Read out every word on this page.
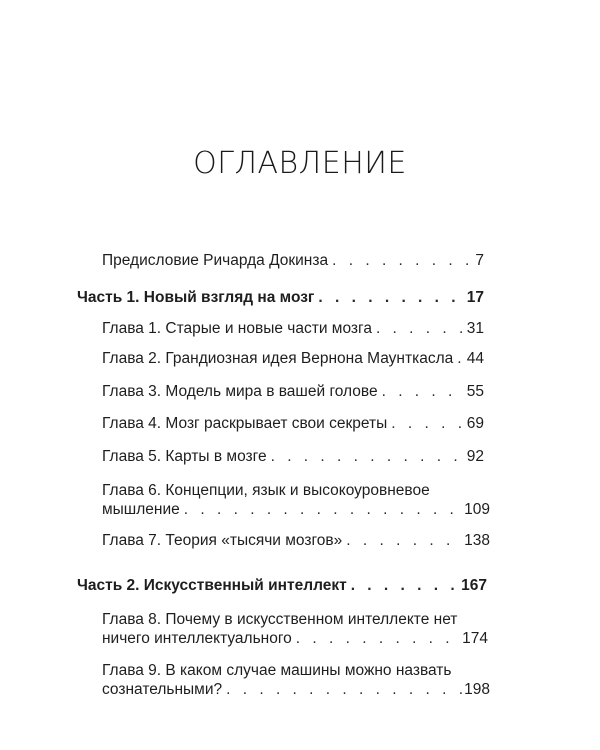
ОГЛАВЛЕНИЕ
Предисловие Ричарда Докинза . . .	7
Часть 1. Новый взгляд на мозг . . .	17
Глава 1. Старые и новые части мозга . . .	31
Глава 2. Грандиозная идея Вернона Маунткасла . . . 44
Глава 3. Модель мира в вашей голове . . .	55
Глава 4. Мозг раскрывает свои секреты . . .	69
Глава 5. Карты в мозге . . .	92
Глава 6. Концепции, язык и высокоуровневое
мышление . . .	109
Глава 7. Теория «тысячи мозгов» . . .	138
Часть 2. Искусственный интеллект . . .	167
Глава 8. Почему в искусственном интеллекте нет
ничего интеллектуального . . .	174
Глава 9. В каком случае машины можно назвать
сознательными? . . .	198
